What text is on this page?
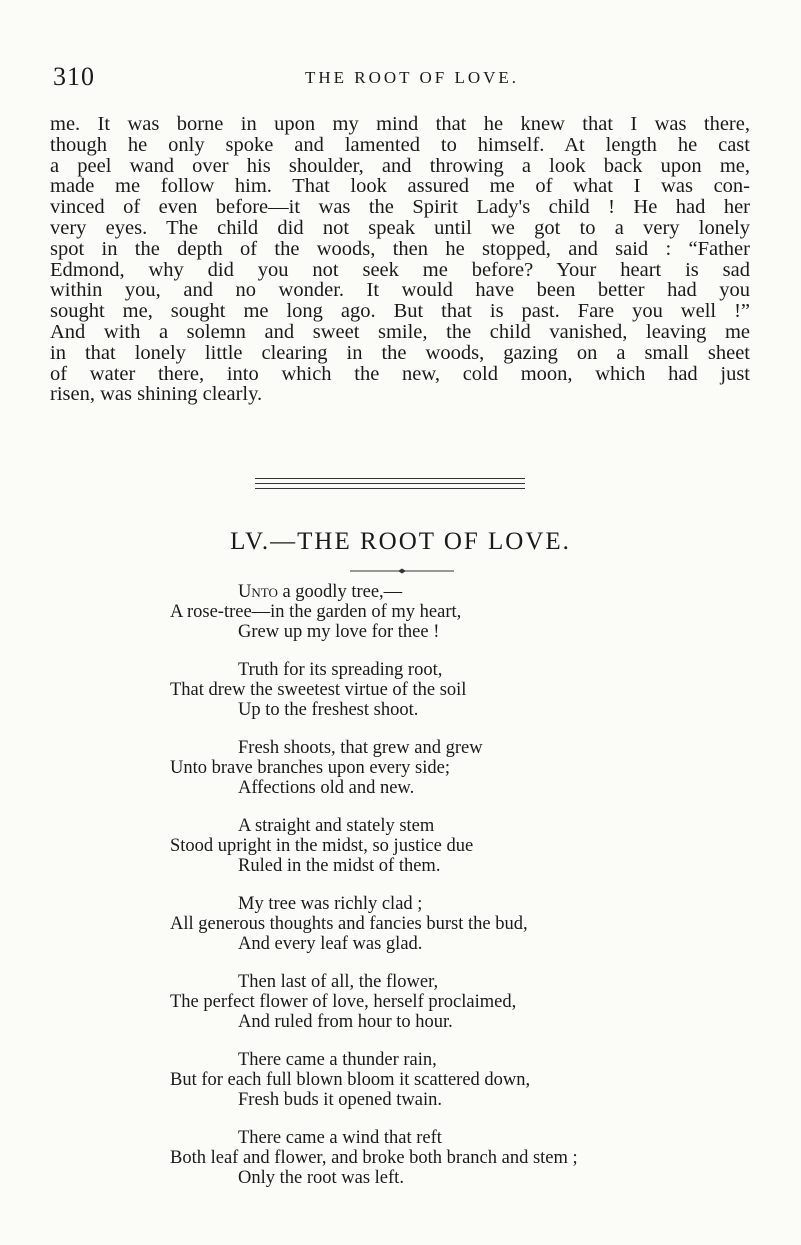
310	THE ROOT OF LOVE.
me. It was borne in upon my mind that he knew that I was there,
though he only spoke and lamented to himself. At length he cast
a peel wand over his shoulder, and throwing a look back upon me,
made me follow him. That look assured me of what I was con-
vinced of even before—it was the Spirit Lady's child ! He had her
very eyes. The child did not speak until we got to a very lonely
spot in the depth of the woods, then he stopped, and said : “Father
Edmond, why did you not seek me before? Your heart is sad
within you, and no wonder. It would have been better had you
sought me, sought me long ago. But that is past. Fare you well !”
And with a solemn and sweet smile, the child vanished, leaving me
in that lonely little clearing in the woods, gazing on a small sheet
of water there, into which the new, cold moon, which had just
risen, was shining clearly.
LV.—THE ROOT OF LOVE.
Unto a goodly tree,—
A rose-tree—in the garden of my heart,
Grew up my love for thee !
Truth for its spreading root,
That drew the sweetest virtue of the soil
Up to the freshest shoot.
Fresh shoots, that grew and grew
Unto brave branches upon every side;
Affections old and new.
A straight and stately stem
Stood upright in the midst, so justice due
Ruled in the midst of them.
My tree was richly clad ;
All generous thoughts and fancies burst the bud,
And every leaf was glad.
Then last of all, the flower,
The perfect flower of love, herself proclaimed,
And ruled from hour to hour.
There came a thunder rain,
But for each full blown bloom it scattered down,
Fresh buds it opened twain.
There came a wind that reft
Both leaf and flower, and broke both branch and stem ;
Only the root was left.
